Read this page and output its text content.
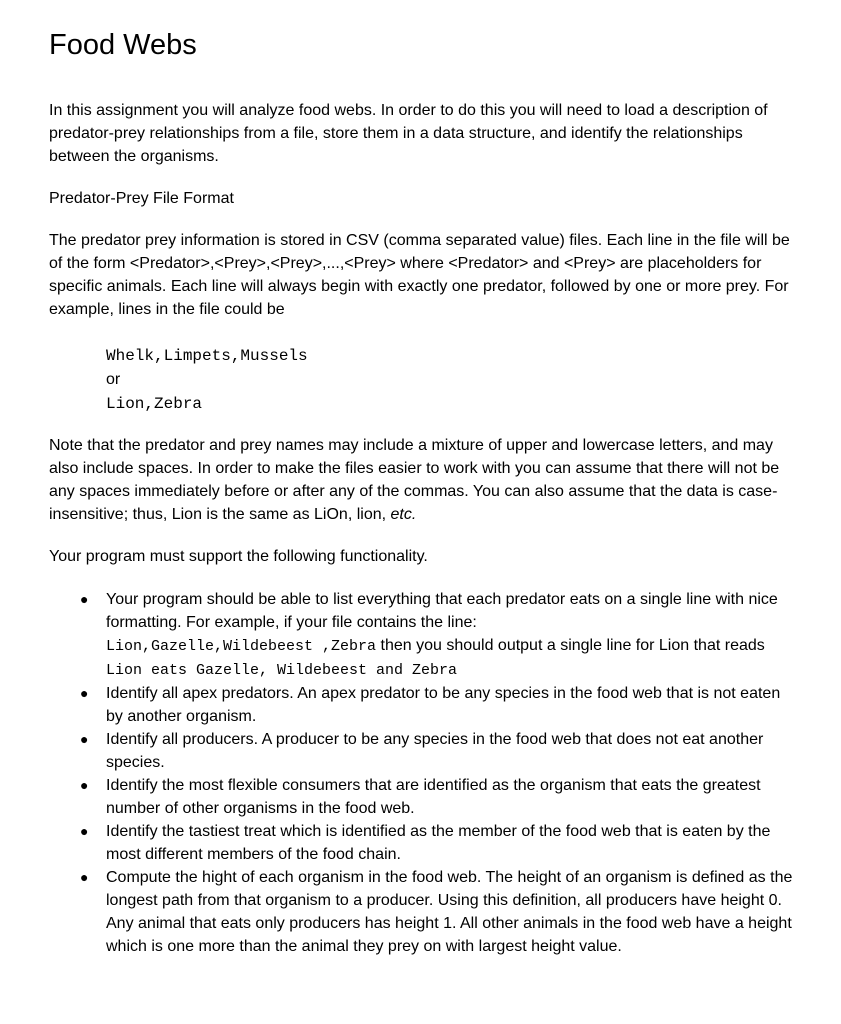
Food Webs

In this assignment you will analyze food webs. In order to do this you will need to load a description of predator-prey relationships from a file, store them in a data structure, and identify the relationships between the organisms.

Predator-Prey File Format

The predator prey information is stored in CSV (comma separated value) files. Each line in the file will be of the form <Predator>,<Prey>,<Prey>,...,<Prey> where <Predator> and <Prey> are placeholders for specific animals. Each line will always begin with exactly one predator, followed by one or more prey. For example, lines in the file could be

Whelk,Limpets,Mussels
or
Lion,Zebra

Note that the predator and prey names may include a mixture of upper and lowercase letters, and may also include spaces. In order to make the files easier to work with you can assume that there will not be any spaces immediately before or after any of the commas. You can also assume that the data is case-insensitive; thus, Lion is the same as LiOn, lion, etc.

Your program must support the following functionality.

● Your program should be able to list everything that each predator eats on a single line with nice formatting. For example, if your file contains the line:
Lion,Gazelle,Wildebeest ,Zebra then you should output a single line for Lion that reads Lion eats Gazelle, Wildebeest and Zebra
● Identify all apex predators. An apex predator to be any species in the food web that is not eaten by another organism.
● Identify all producers. A producer to be any species in the food web that does not eat another species.
● Identify the most flexible consumers that are identified as the organism that eats the greatest number of other organisms in the food web.
● Identify the tastiest treat which is identified as the member of the food web that is eaten by the most different members of the food chain.
● Compute the hight of each organism in the food web. The height of an organism is defined as the longest path from that organism to a producer. Using this definition, all producers have height 0. Any animal that eats only producers has height 1. All other animals in the food web have a height which is one more than the animal they prey on with largest height value.
